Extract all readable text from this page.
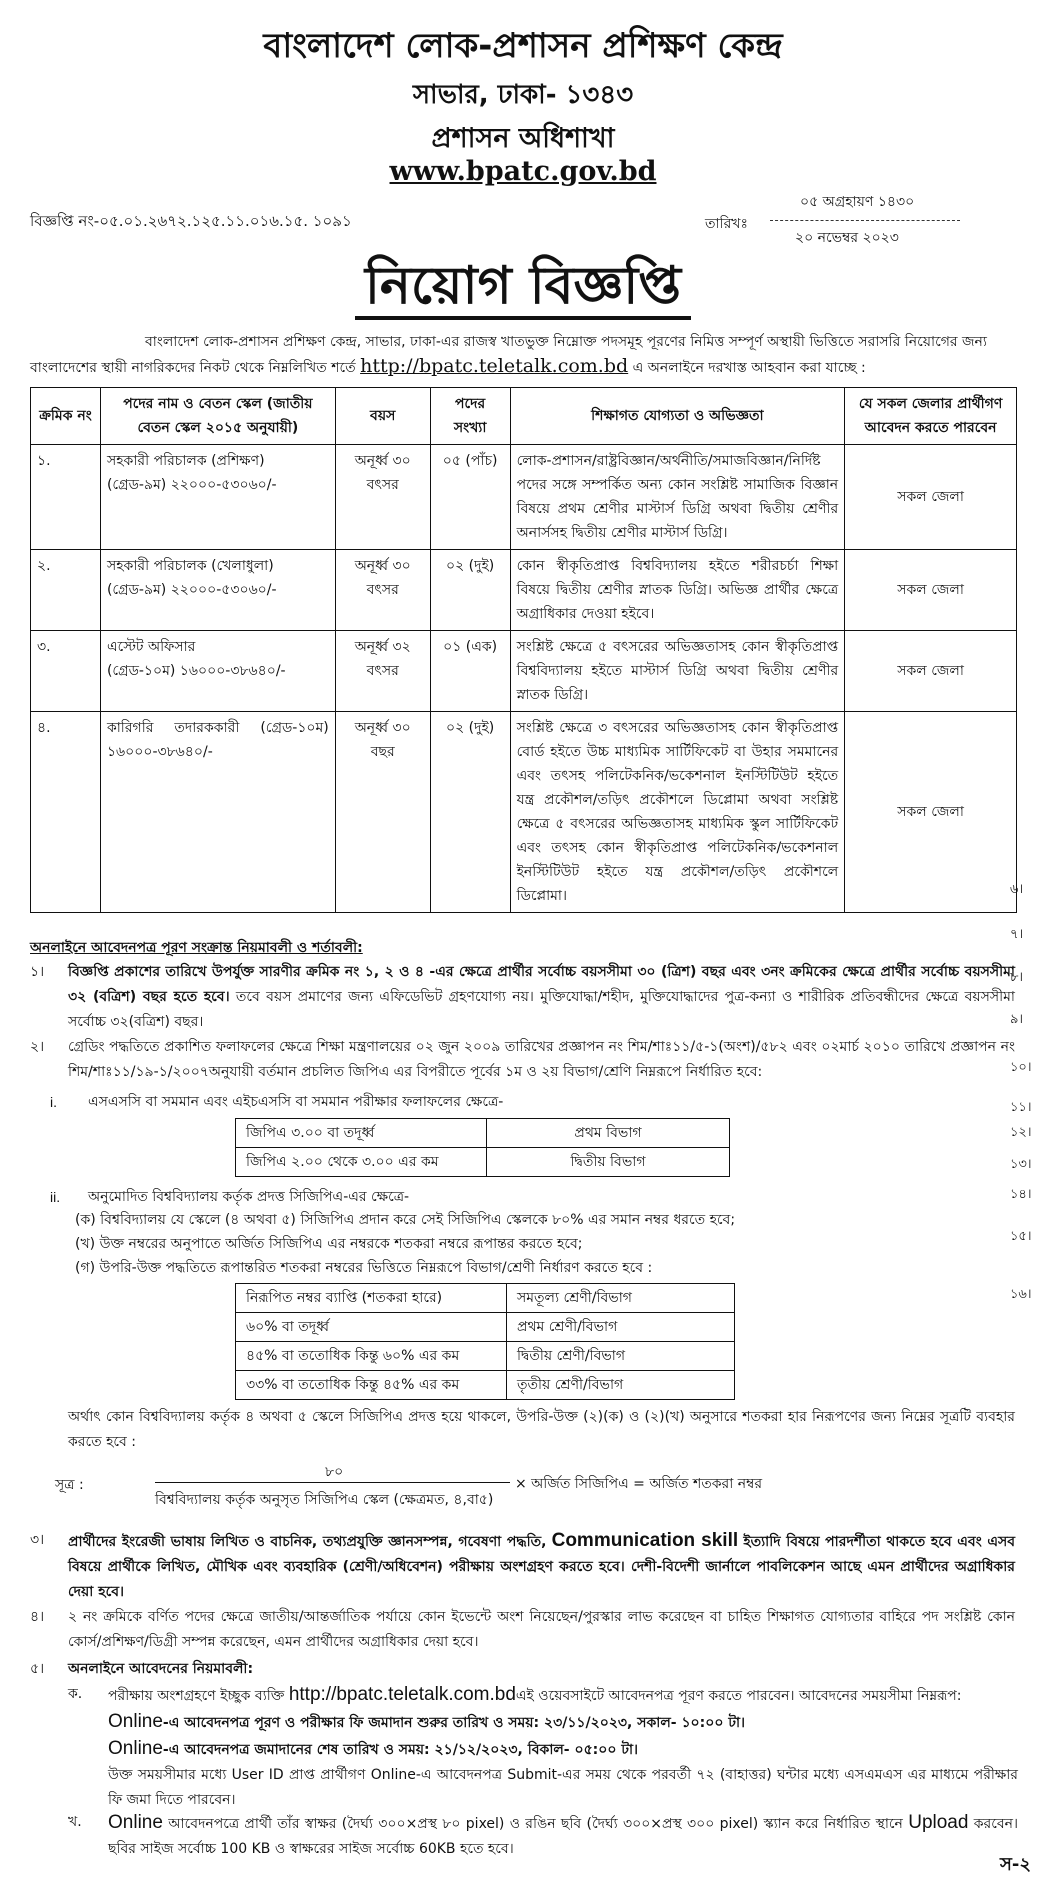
বাংলাদেশ লোক-প্রশাসন প্রশিক্ষণ কেন্দ্র
সাভার, ঢাকা- ১৩৪৩
প্রশাসন অধিশাখা
www.bpatc.gov.bd
বিজ্ঞপ্তি নং-০৫.০১.২৬৭২.১২৫.১১.০১৬.১৫. ১০৯১
০৫ অগ্রহায়ণ ১৪৩০
তারিখঃ
২০ নভেম্বর ২০২৩
নিয়োগ বিজ্ঞপ্তি
বাংলাদেশ লোক-প্রশাসন প্রশিক্ষণ কেন্দ্র, সাভার, ঢাকা-এর রাজস্ব খাতভুক্ত নিম্নোক্ত পদসমূহ পূরণের নিমিত্ত সম্পূর্ণ অস্থায়ী ভিত্তিতে সরাসরি নিয়োগের জন্য বাংলাদেশের স্থায়ী নাগরিকদের নিকট থেকে নিম্নলিখিত শর্তে http://bpatc.teletalk.com.bd এ অনলাইনে দরখাস্ত আহবান করা যাচ্ছে :
ক্রমিক নং	পদের নাম ও বেতন স্কেল (জাতীয় বেতন স্কেল ২০১৫ অনুযায়ী)	বয়স	পদের সংখ্যা	শিক্ষাগত যোগ্যতা ও অভিজ্ঞতা	যে সকল জেলার প্রার্থীগণ আবেদন করতে পারবেন
১.	সহকারী পরিচালক (প্রশিক্ষণ)
(গ্রেড-৯ম) ২২০০০-৫৩০৬০/-	অনূর্ধ্ব ৩০ বৎসর	০৫ (পাঁচ)	লোক-প্রশাসন/রাষ্ট্রবিজ্ঞান/অর্থনীতি/সমাজবিজ্ঞান/নির্দিষ্ট পদের সঙ্গে সম্পর্কিত অন্য কোন সংশ্লিষ্ট সামাজিক বিজ্ঞান বিষয়ে প্রথম শ্রেণীর মাস্টার্স ডিগ্রি অথবা দ্বিতীয় শ্রেণীর অনার্সসহ দ্বিতীয় শ্রেণীর মাস্টার্স ডিগ্রি।	সকল জেলা
২.	সহকারী পরিচালক (খেলাধুলা)
(গ্রেড-৯ম) ২২০০০-৫৩০৬০/-	অনূর্ধ্ব ৩০ বৎসর	০২ (দুই)	কোন স্বীকৃতিপ্রাপ্ত বিশ্ববিদ্যালয় হইতে শরীরচর্চা শিক্ষা বিষয়ে দ্বিতীয় শ্রেণীর স্নাতক ডিগ্রি। অভিজ্ঞ প্রার্থীর ক্ষেত্রে অগ্রাধিকার দেওয়া হইবে।	সকল জেলা
৩.	এস্টেট অফিসার
(গ্রেড-১০ম) ১৬০০০-৩৮৬৪০/-	অনূর্ধ্ব ৩২ বৎসর	০১ (এক)	সংশ্লিষ্ট ক্ষেত্রে ৫ বৎসরের অভিজ্ঞতাসহ কোন স্বীকৃতিপ্রাপ্ত বিশ্ববিদ্যালয় হইতে মাস্টার্স ডিগ্রি অথবা দ্বিতীয় শ্রেণীর স্নাতক ডিগ্রি।	সকল জেলা
৪.	কারিগরি তদারককারী (গ্রেড-১০ম) ১৬০০০-৩৮৬৪০/-	অনূর্ধ্ব ৩০ বছর	০২ (দুই)	সংশ্লিষ্ট ক্ষেত্রে ৩ বৎসরের অভিজ্ঞতাসহ কোন স্বীকৃতিপ্রাপ্ত বোর্ড হইতে উচ্চ মাধ্যমিক সার্টিফিকেট বা উহার সমমানের এবং তৎসহ পলিটেকনিক/ভকেশনাল ইনস্টিটিউট হইতে যন্ত্র প্রকৌশল/তড়িৎ প্রকৌশলে ডিপ্লোমা অথবা সংশ্লিষ্ট ক্ষেত্রে ৫ বৎসরের অভিজ্ঞতাসহ মাধ্যমিক স্কুল সার্টিফিকেট এবং তৎসহ কোন স্বীকৃতিপ্রাপ্ত পলিটেকনিক/ভকেশনাল ইনস্টিটিউট হইতে যন্ত্র প্রকৌশল/তড়িৎ প্রকৌশলে ডিপ্লোমা।	সকল জেলা
৬।
৭।
৮।
৯।
১০।
১১।
১২।
১৩।
১৪।
১৫।
১৬।
অনলাইনে আবেদনপত্র পূরণ সংক্রান্ত নিয়মাবলী ও শর্তাবলী:
১। বিজ্ঞপ্তি প্রকাশের তারিখে উপর্যুক্ত সারণীর ক্রমিক নং ১, ২ ও ৪ -এর ক্ষেত্রে প্রার্থীর সর্বোচ্চ বয়সসীমা ৩০ (ত্রিশ) বছর এবং ৩নং ক্রমিকের ক্ষেত্রে প্রার্থীর সর্বোচ্চ বয়সসীমা ৩২ (বত্রিশ) বছর হতে হবে। তবে বয়স প্রমাণের জন্য এফিডেভিট গ্রহণযোগ্য নয়। মুক্তিযোদ্ধা/শহীদ, মুক্তিযোদ্ধাদের পুত্র-কন্যা ও শারীরিক প্রতিবন্ধীদের ক্ষেত্রে বয়সসীমা সর্বোচ্চ ৩২(বত্রিশ) বছর।
২। গ্রেডিং পদ্ধতিতে প্রকাশিত ফলাফলের ক্ষেত্রে শিক্ষা মন্ত্রণালয়ের ০২ জুন ২০০৯ তারিখের প্রজ্ঞাপন নং শিম/শাঃ১১/৫-১(অংশ)/৫৮২ এবং ০২মার্চ ২০১০ তারিখে প্রজ্ঞাপন নং শিম/শাঃ১১/১৯-১/২০০৭অনুযায়ী বর্তমান প্রচলিত জিপিএ এর বিপরীতে পূর্বের ১ম ও ২য় বিভাগ/শ্রেণি নিম্নরূপে নির্ধারিত হবে:
i. এসএসসি বা সমমান এবং এইচএসসি বা সমমান পরীক্ষার ফলাফলের ক্ষেত্রে-
জিপিএ ৩.০০ বা তদূর্ধ্ব	প্রথম বিভাগ
জিপিএ ২.০০ থেকে ৩.০০ এর কম	দ্বিতীয় বিভাগ
ii. অনুমোদিত বিশ্ববিদ্যালয় কর্তৃক প্রদত্ত সিজিপিএ-এর ক্ষেত্রে-
(ক) বিশ্ববিদ্যালয় যে স্কেলে (৪ অথবা ৫) সিজিপিএ প্রদান করে সেই সিজিপিএ স্কেলকে ৮০% এর সমান নম্বর ধরতে হবে;
(খ) উক্ত নম্বরের অনুপাতে অর্জিত সিজিপিএ এর নম্বরকে শতকরা নম্বরে রূপান্তর করতে হবে;
(গ) উপরি-উক্ত পদ্ধতিতে রূপান্তরিত শতকরা নম্বরের ভিত্তিতে নিম্নরূপে বিভাগ/শ্রেণী নির্ধারণ করতে হবে :
নিরূপিত নম্বর ব্যাপ্তি (শতকরা হারে)	সমতূল্য শ্রেণী/বিভাগ
৬০% বা তদূর্ধ্ব	প্রথম শ্রেণী/বিভাগ
৪৫% বা ততোধিক কিন্তু ৬০% এর কম	দ্বিতীয় শ্রেণী/বিভাগ
৩৩% বা ততোধিক কিন্তু ৪৫% এর কম	তৃতীয় শ্রেণী/বিভাগ
অর্থাৎ কোন বিশ্ববিদ্যালয় কর্তৃক ৪ অথবা ৫ স্কেলে সিজিপিএ প্রদত্ত হয়ে থাকলে, উপরি-উক্ত (২)(ক) ও (২)(খ) অনুসারে শতকরা হার নিরূপণের জন্য নিম্নের সূত্রটি ব্যবহার করতে হবে :
সূত্র :
৮০
বিশ্ববিদ্যালয় কর্তৃক অনুসৃত সিজিপিএ স্কেল (ক্ষেত্রমত, ৪,বা৫)
× অর্জিত সিজিপিএ = অর্জিত শতকরা নম্বর
৩। প্রার্থীদের ইংরেজী ভাষায় লিখিত ও বাচনিক, তথ্যপ্রযুক্তি জ্ঞানসম্পন্ন, গবেষণা পদ্ধতি, Communication skill ইত্যাদি বিষয়ে পারদর্শীতা থাকতে হবে এবং এসব বিষয়ে প্রার্থীকে লিখিত, মৌখিক এবং ব্যবহারিক (শ্রেণী/অধিবেশন) পরীক্ষায় অংশগ্রহণ করতে হবে। দেশী-বিদেশী জার্নালে পাবলিকেশন আছে এমন প্রার্থীদের অগ্রাধিকার দেয়া হবে।
৪। ২ নং ক্রমিকে বর্ণিত পদের ক্ষেত্রে জাতীয়/আন্তর্জাতিক পর্যায়ে কোন ইভেন্টে অংশ নিয়েছেন/পুরস্কার লাভ করেছেন বা চাহিত শিক্ষাগত যোগ্যতার বাহিরে পদ সংশ্লিষ্ট কোন কোর্স/প্রশিক্ষণ/ডিগ্রী সম্পন্ন করেছেন, এমন প্রার্থীদের অগ্রাধিকার দেয়া হবে।
৫। অনলাইনে আবেদনের নিয়মাবলী:
ক. পরীক্ষায় অংশগ্রহণে ইচ্ছুক ব্যক্তি http://bpatc.teletalk.com.bdএই ওয়েবসাইটে আবেদনপত্র পূরণ করতে পারবেন। আবেদনের সময়সীমা নিম্নরূপ:
Online-এ আবেদনপত্র পূরণ ও পরীক্ষার ফি জমাদান শুরুর তারিখ ও সময়: ২৩/১১/২০২৩, সকাল- ১০:০০ টা।
Online-এ আবেদনপত্র জমাদানের শেষ তারিখ ও সময়: ২১/১২/২০২৩, বিকাল- ০৫:০০ টা।
উক্ত সময়সীমার মধ্যে User ID প্রাপ্ত প্রার্থীগণ Online-এ আবেদনপত্র Submit-এর সময় থেকে পরবর্তী ৭২ (বাহাত্তর) ঘন্টার মধ্যে এসএমএস এর মাধ্যমে পরীক্ষার ফি জমা দিতে পারবেন।
খ. Online আবেদনপত্রে প্রার্থী তাঁর স্বাক্ষর (দৈর্ঘ্য ৩০০×প্রস্থ ৮০ pixel) ও রঙিন ছবি (দৈর্ঘ্য ৩০০×প্রস্থ ৩০০ pixel) স্ক্যান করে নির্ধারিত স্থানে Upload করবেন। ছবির সাইজ সর্বোচ্চ 100 KB ও স্বাক্ষরের সাইজ সর্বোচ্চ 60KB হতে হবে।
স-২
